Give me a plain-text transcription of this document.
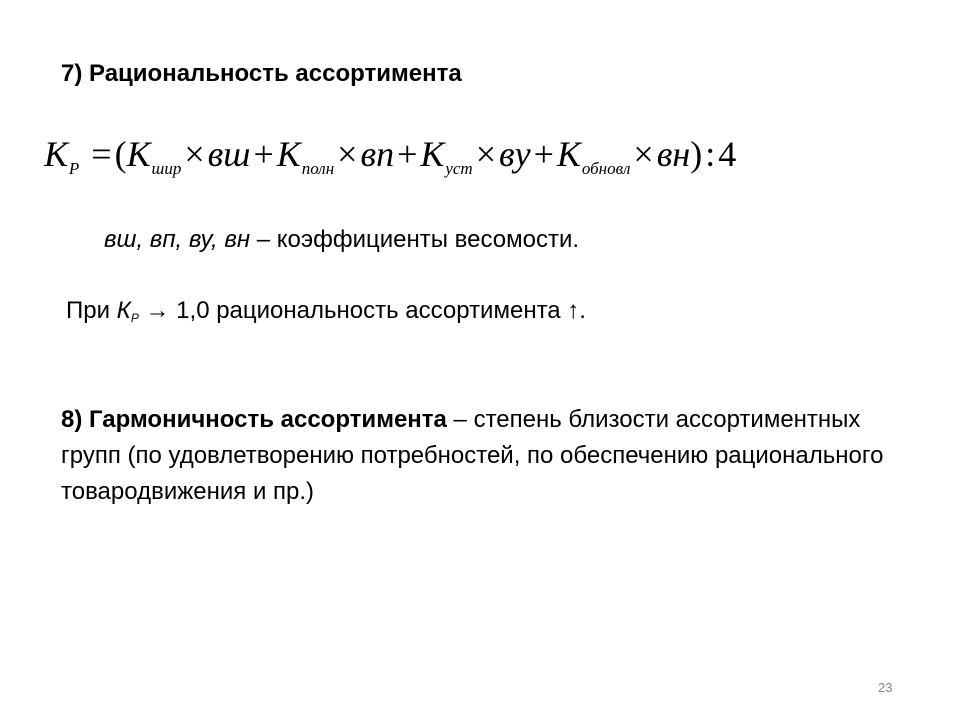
7) Рациональность ассортимента
$К_Р$ $=(К_{шир}\times вш+К_{полн}\times вп+К_{уст}\times ву+К_{обновл}\times вн):4$
вш, вп, ву, вн – коэффициенты весомости.
При $К_Р \to 1,0$ рациональность ассортимента ↑.
8) Гармоничность ассортимента – степень близости ассортиментных групп (по удовлетворению потребностей, по обеспечению рационального товародвижения и пр.)
23
